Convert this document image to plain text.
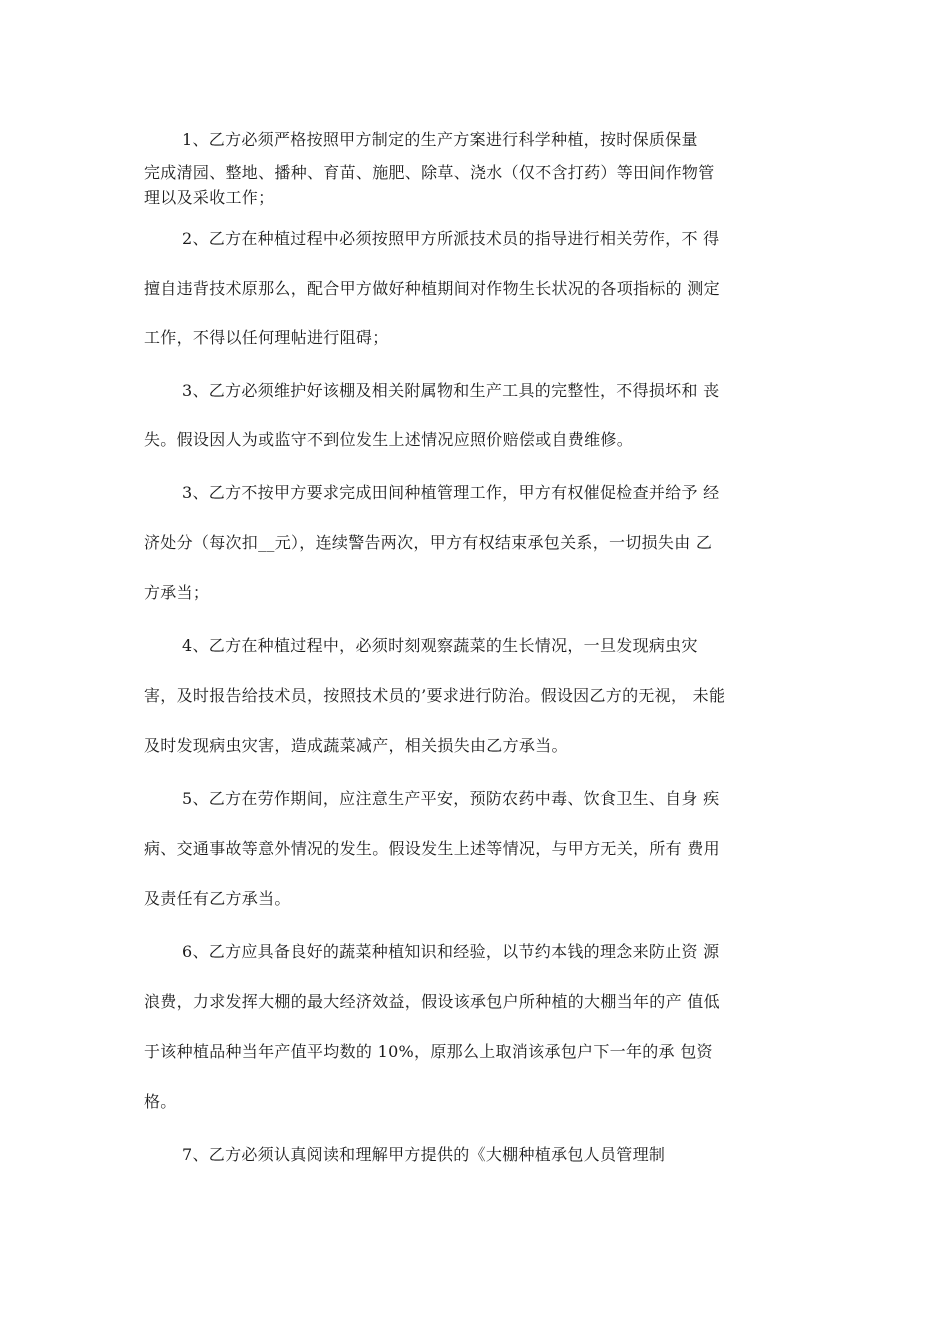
1、乙方必须严格按照甲方制定的生产方案进行科学种植，按时保质保量
完成清园、整地、播种、育苗、施肥、除草、浇水（仅不含打药）等田间作物管
理以及采收工作；
2、乙方在种植过程中必须按照甲方所派技术员的指导进行相关劳作，不 得
擅自违背技术原那么，配合甲方做好种植期间对作物生长状况的各项指标的 测定
工作，不得以任何理帖进行阻碍；
3、乙方必须维护好该棚及相关附属物和生产工具的完整性，不得损坏和 丧
失。假设因人为或监守不到位发生上述情况应照价赔偿或自费维修。
3、乙方不按甲方要求完成田间种植管理工作，甲方有权催促检查并给予 经
济处分（每次扣__元），连续警告两次，甲方有权结束承包关系，一切损失由 乙
方承当；
4、乙方在种植过程中，必须时刻观察蔬菜的生长情况，一旦发现病虫灾
害，及时报告给技术员，按照技术员的’要求进行防治。假设因乙方的无视， 未能
及时发现病虫灾害，造成蔬菜减产，相关损失由乙方承当。
5、乙方在劳作期间，应注意生产平安，预防农药中毒、饮食卫生、自身 疾
病、交通事故等意外情况的发生。假设发生上述等情况，与甲方无关，所有 费用
及责任有乙方承当。
6、乙方应具备良好的蔬菜种植知识和经验，以节约本钱的理念来防止资 源
浪费，力求发挥大棚的最大经济效益，假设该承包户所种植的大棚当年的产 值低
于该种植品种当年产值平均数的 10%，原那么上取消该承包户下一年的承 包资
格。
7、乙方必须认真阅读和理解甲方提供的《大棚种植承包人员管理制
